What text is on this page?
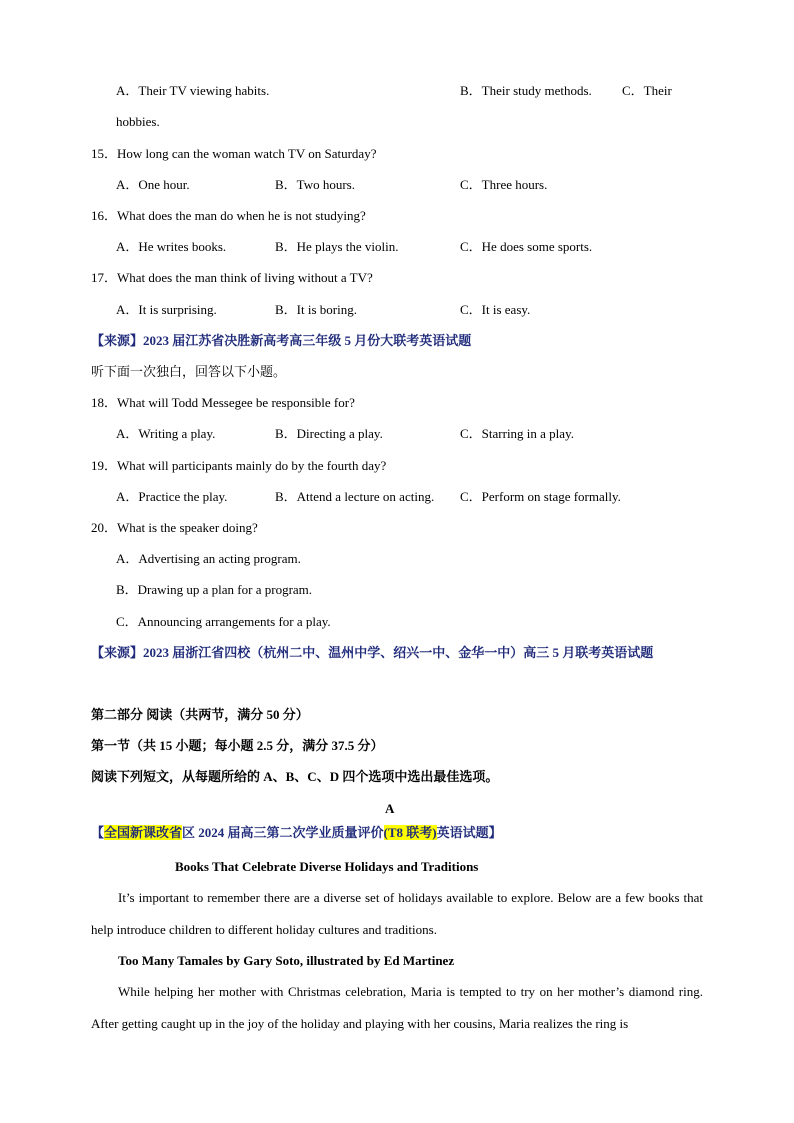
A．Their TV viewing habits.	B．Their study methods. C．Their
hobbies.
15．How long can the woman watch TV on Saturday?
A．One hour.	B．Two hours.	C．Three hours.
16．What does the man do when he is not studying?
A．He writes books.	B．He plays the violin.	C．He does some sports.
17．What does the man think of living without a TV?
A．It is surprising.	B．It is boring.	C．It is easy.
【来源】2023 届江苏省决胜新高考高三年级 5 月份大联考英语试题
听下面一次独白，回答以下小题。
18．What will Todd Messegee be responsible for?
A．Writing a play.	B．Directing a play.	C．Starring in a play.
19．What will participants mainly do by the fourth day?
A．Practice the play.	B．Attend a lecture on acting. C．Perform on stage formally.
20．What is the speaker doing?
A．Advertising an acting program.
B．Drawing up a plan for a program.
C．Announcing arrangements for a play.
【来源】2023 届浙江省四校（杭州二中、温州中学、绍兴一中、金华一中）高三 5 月联考英语试题
第二部分 阅读（共两节，满分 50 分）
第一节（共 15 小题；每小题 2.5 分，满分 37.5 分）
阅读下列短文，从每题所给的 A、B、C、D 四个选项中选出最佳选项。
A
【全国新课改省区 2024 届高三第二次学业质量评价(T8 联考)英语试题】
Books That Celebrate Diverse Holidays and Traditions
It’s important to remember there are a diverse set of holidays available to explore. Below are a few books that help introduce children to different holiday cultures and traditions.
Too Many Tamales by Gary Soto, illustrated by Ed Martinez
While helping her mother with Christmas celebration, Maria is tempted to try on her mother’s diamond ring. After getting caught up in the joy of the holiday and playing with her cousins, Maria realizes the ring is
